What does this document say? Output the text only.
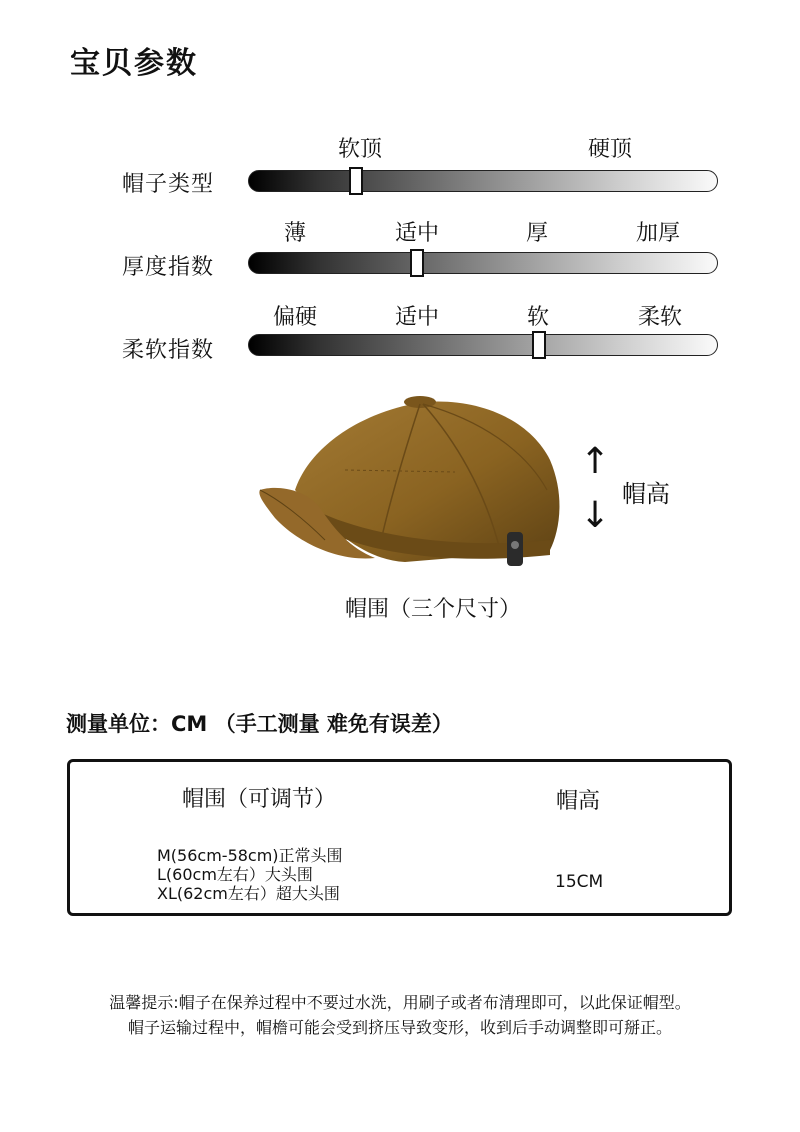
宝贝参数
软顶	硬顶
帽子类型
薄	适中	厚	加厚
厚度指数
偏硬	适中	软	柔软
柔软指数
↑
↓
帽高
帽围（三个尺寸）
测量单位：CM （手工测量 难免有误差）
帽围（可调节）	帽高
M(56cm-58cm)正常头围
L(60cm左右）大头围
XL(62cm左右）超大头围
15CM
温馨提示:帽子在保养过程中不要过水洗，用刷子或者布清理即可，以此保证帽型。
帽子运输过程中，帽檐可能会受到挤压导致变形，收到后手动调整即可掰正。
